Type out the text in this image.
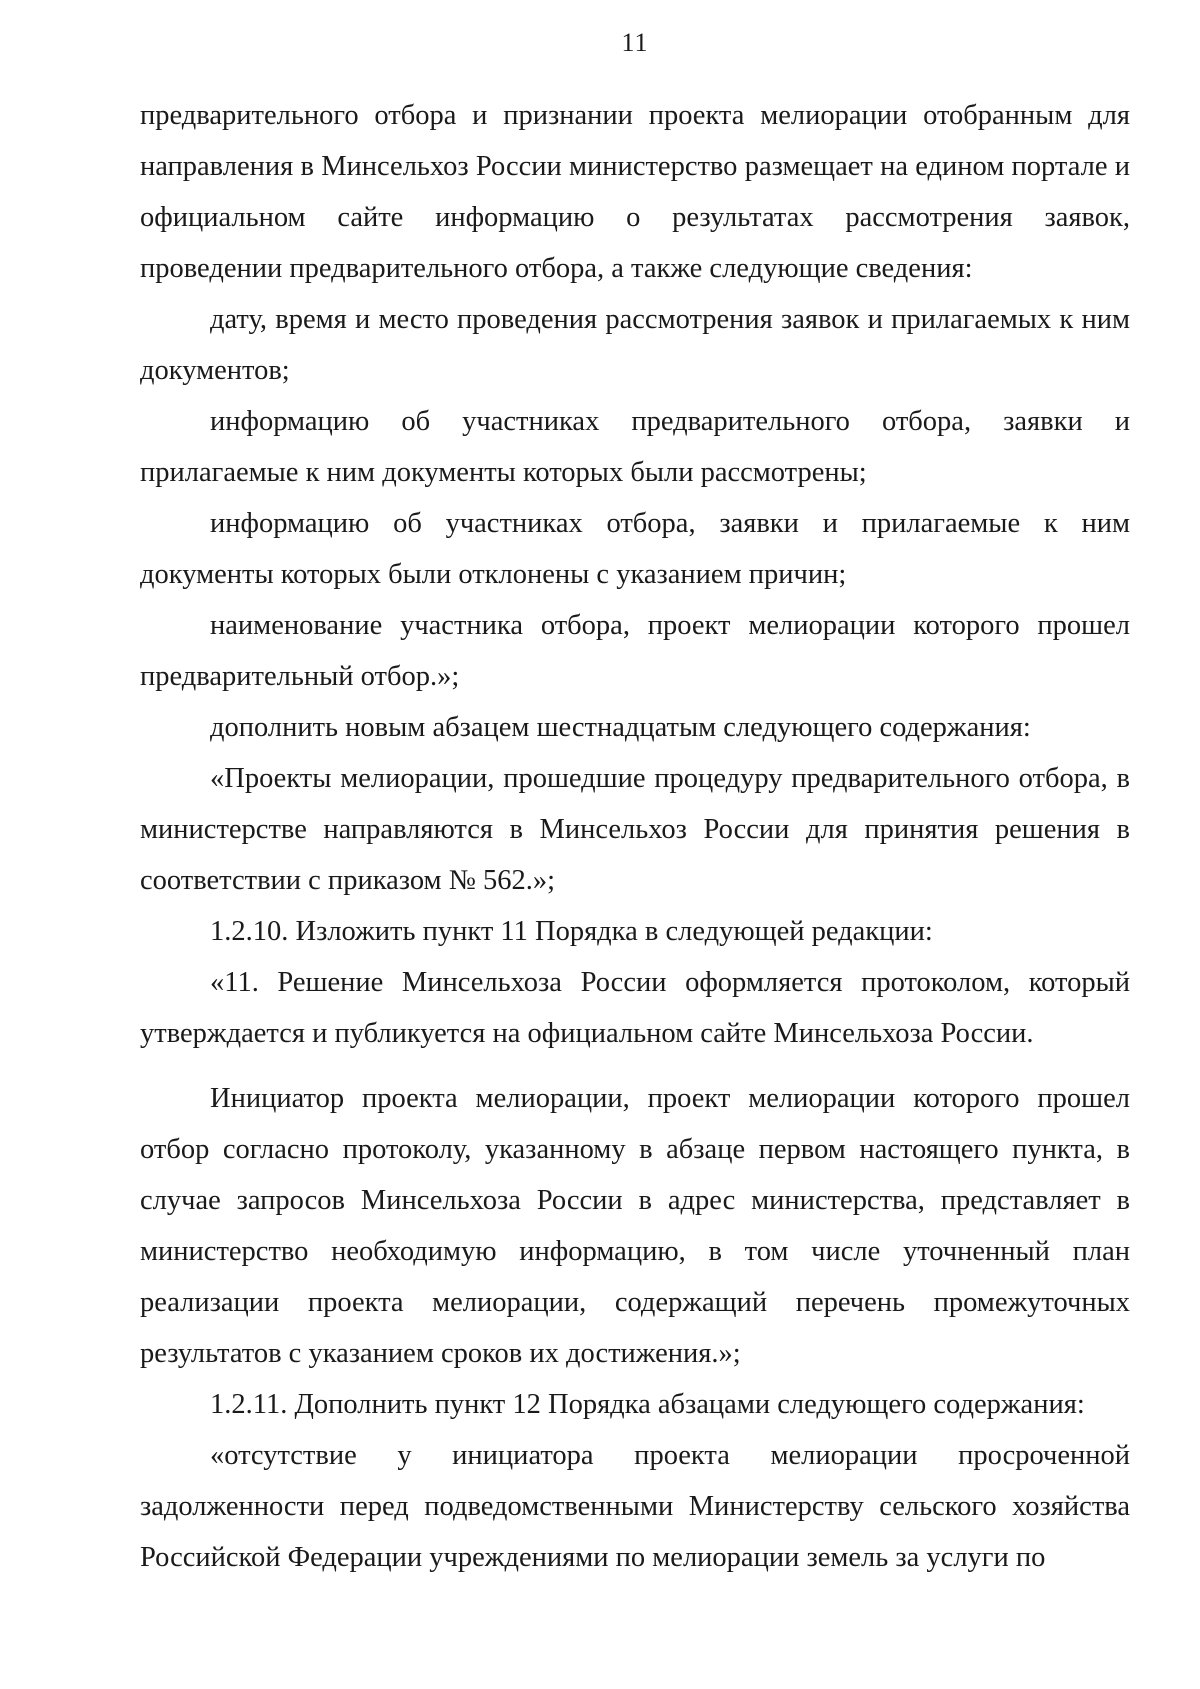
11

предварительного отбора и признании проекта мелиорации отобранным для направления в Минсельхоз России министерство размещает на едином портале и официальном сайте информацию о результатах рассмотрения заявок, проведении предварительного отбора, а также следующие сведения:

дату, время и место проведения рассмотрения заявок и прилагаемых к ним документов;

информацию об участниках предварительного отбора, заявки и прилагаемые к ним документы которых были рассмотрены;

информацию об участниках отбора, заявки и прилагаемые к ним документы которых были отклонены с указанием причин;

наименование участника отбора, проект мелиорации которого прошел предварительный отбор.»;

дополнить новым абзацем шестнадцатым следующего содержания:

«Проекты мелиорации, прошедшие процедуру предварительного отбора, в министерстве направляются в Минсельхоз России для принятия решения в соответствии с приказом № 562.»;

1.2.10. Изложить пункт 11 Порядка в следующей редакции:

«11. Решение Минсельхоза России оформляется протоколом, который утверждается и публикуется на официальном сайте Минсельхоза России.

Инициатор проекта мелиорации, проект мелиорации которого прошел отбор согласно протоколу, указанному в абзаце первом настоящего пункта, в случае запросов Минсельхоза России в адрес министерства, представляет в министерство необходимую информацию, в том числе уточненный план реализации проекта мелиорации, содержащий перечень промежуточных результатов с указанием сроков их достижения.»;

1.2.11. Дополнить пункт 12 Порядка абзацами следующего содержания:

«отсутствие у инициатора проекта мелиорации просроченной задолженности перед подведомственными Министерству сельского хозяйства Российской Федерации учреждениями по мелиорации земель за услуги по
